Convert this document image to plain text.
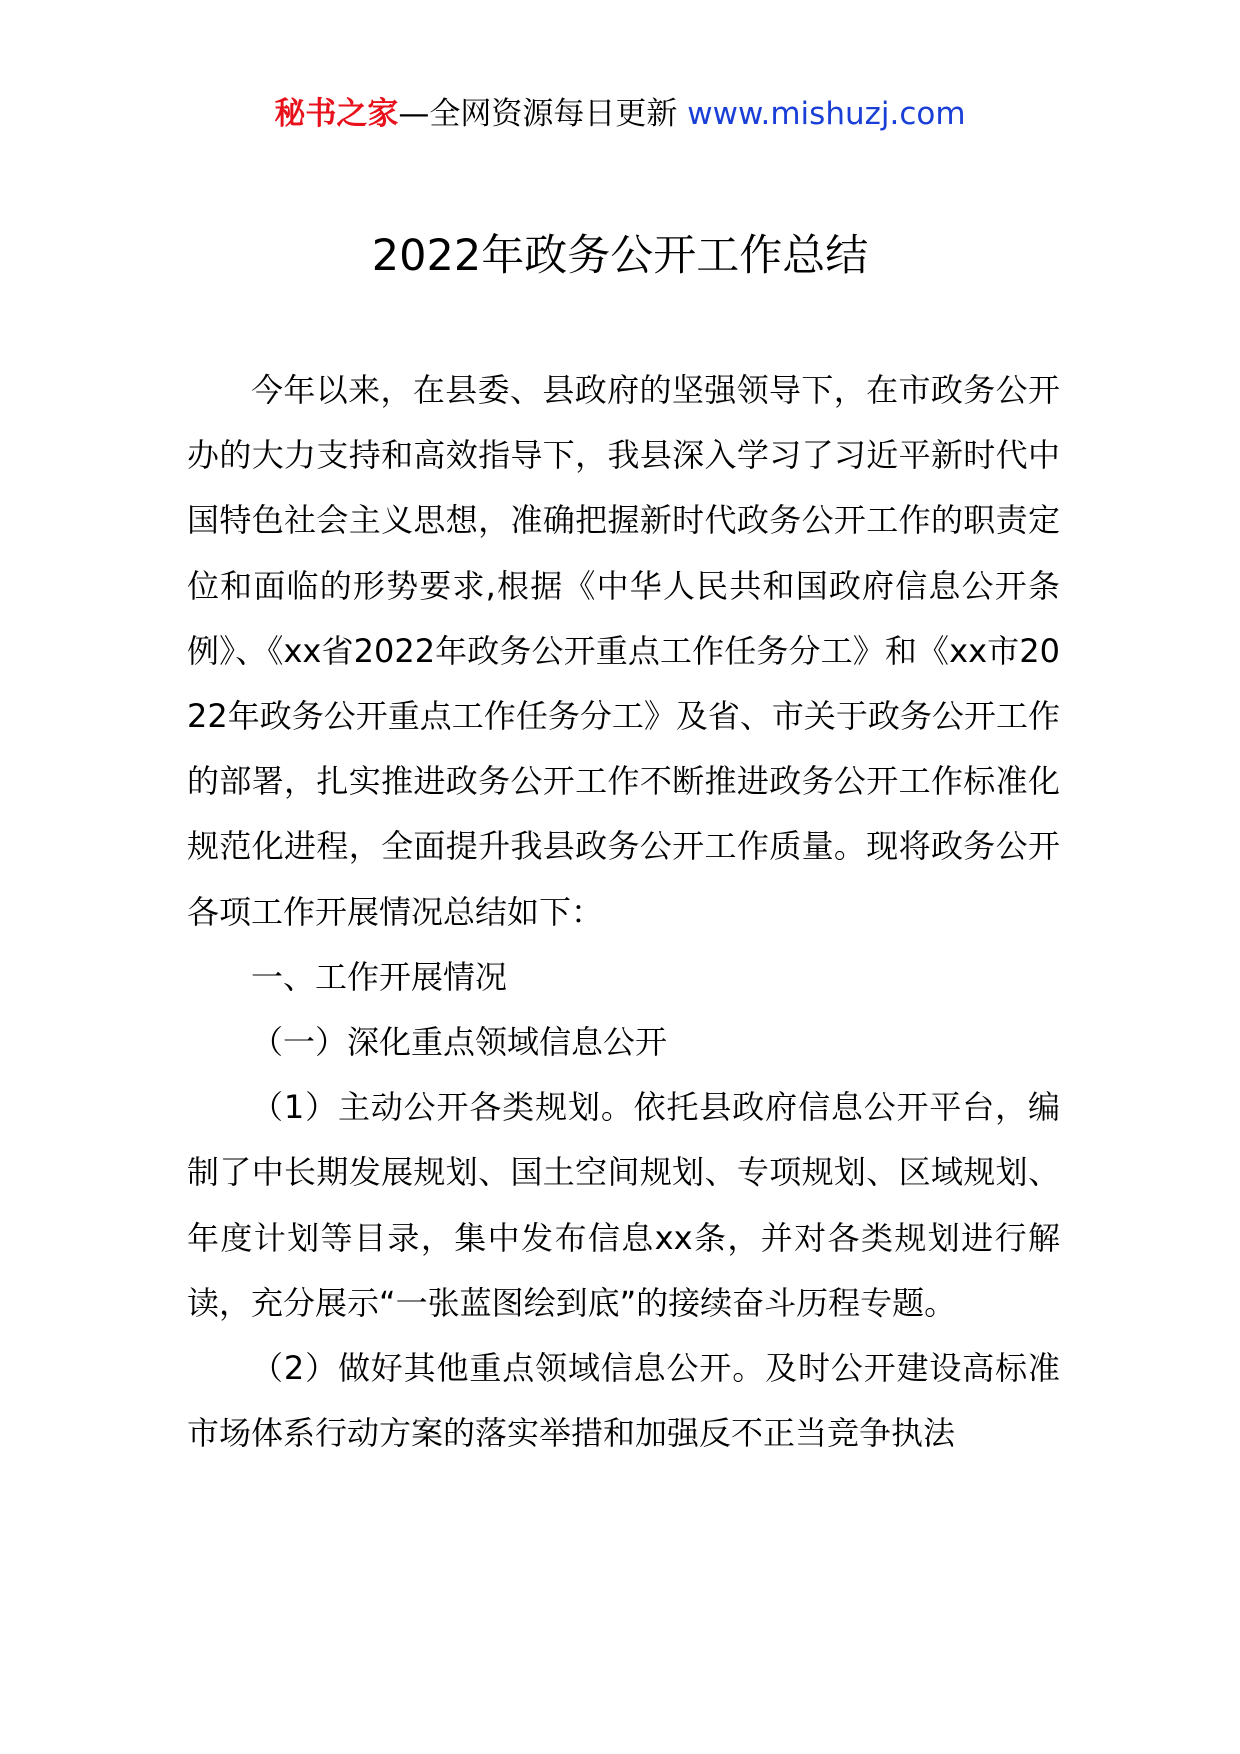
秘书之家—全网资源每日更新 www.mishuzj.com
2022年政务公开工作总结

今年以来，在县委、县政府的坚强领导下，在市政务公开办的大力支持和高效指导下，我县深入学习了习近平新时代中国特色社会主义思想，准确把握新时代政务公开工作的职责定位和面临的形势要求,根据《中华人民共和国政府信息公开条例》、《xx省2022年政务公开重点工作任务分工》和《xx市2022年政务公开重点工作任务分工》及省、市关于政务公开工作的部署，扎实推进政务公开工作不断推进政务公开工作标准化规范化进程，全面提升我县政务公开工作质量。现将政务公开各项工作开展情况总结如下：

一、工作开展情况

（一）深化重点领域信息公开

（1）主动公开各类规划。依托县政府信息公开平台，编制了中长期发展规划、国土空间规划、专项规划、区域规划、年度计划等目录，集中发布信息xx条，并对各类规划进行解读，充分展示“一张蓝图绘到底”的接续奋斗历程专题。

（2）做好其他重点领域信息公开。及时公开建设高标准市场体系行动方案的落实举措和加强反不正当竞争执法
